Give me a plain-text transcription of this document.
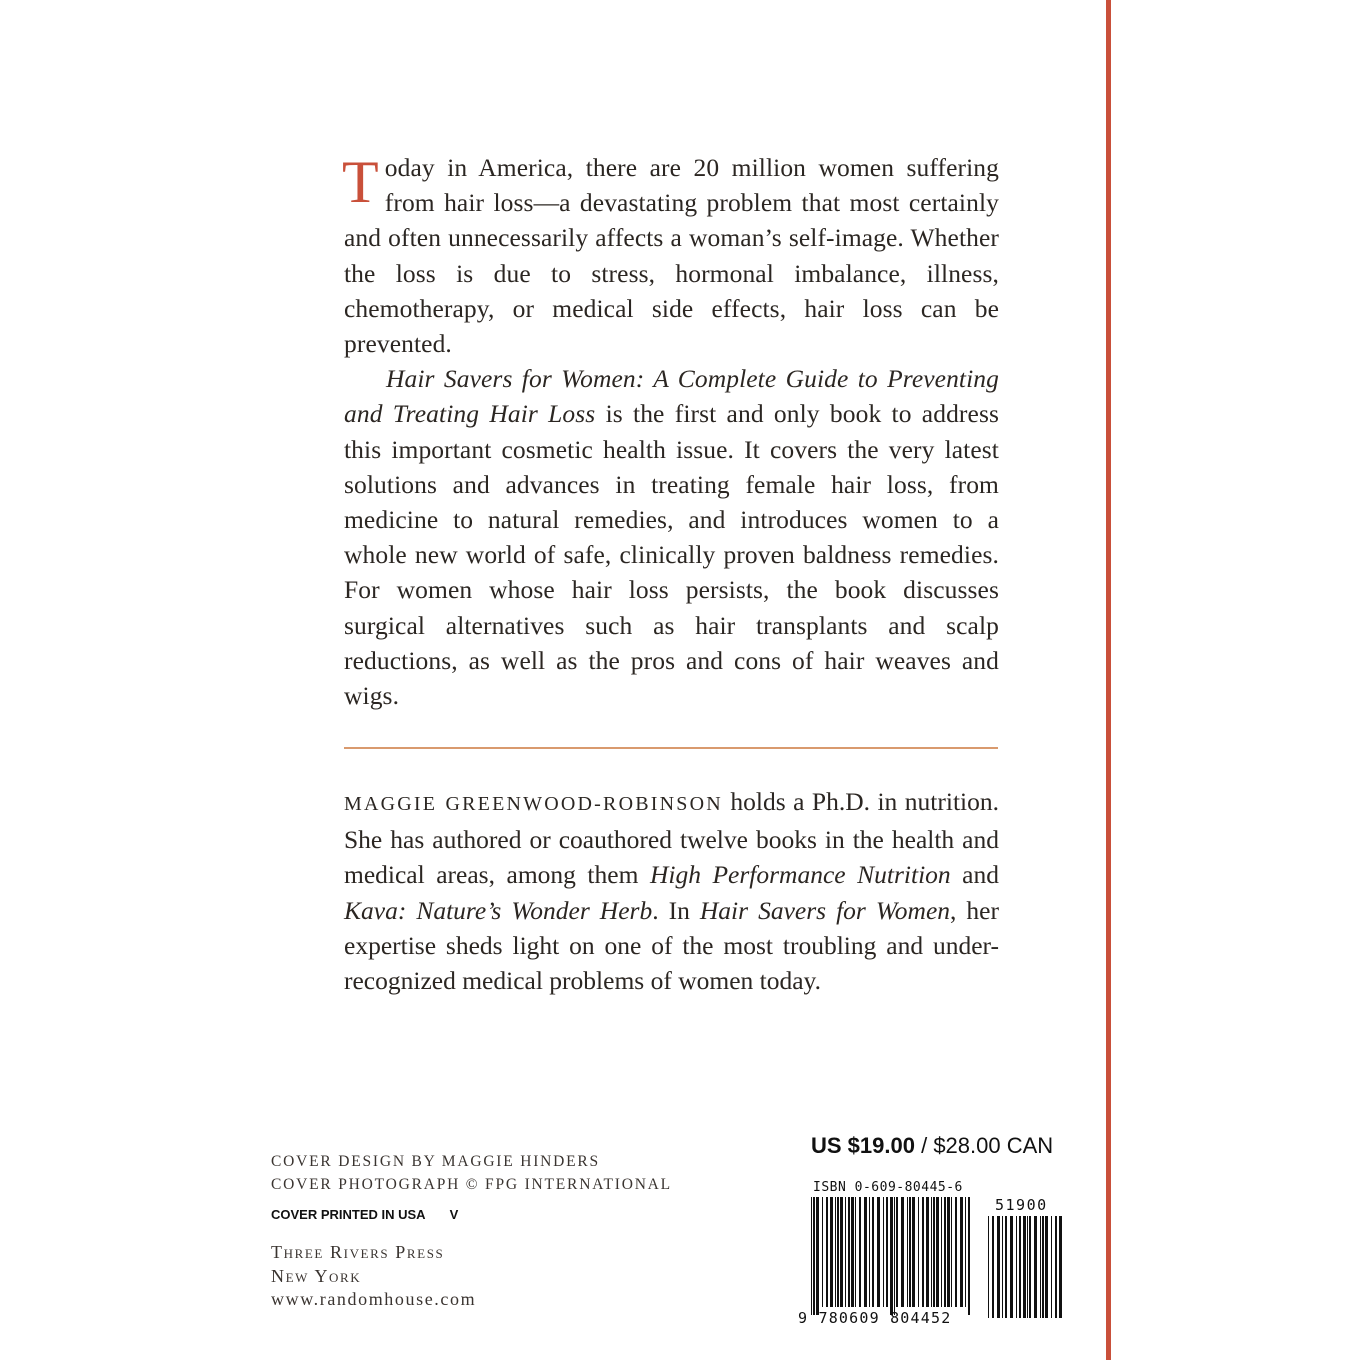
Today in America, there are 20 million women suffering from hair loss—a devastating problem that most certainly and often unnecessarily affects a woman’s self-image. Whether the loss is due to stress, hormonal imbalance, illness, chemotherapy, or medical side effects, hair loss can be prevented.

Hair Savers for Women: A Complete Guide to Preventing and Treating Hair Loss is the first and only book to address this important cosmetic health issue. It covers the very latest solutions and advances in treating female hair loss, from medicine to natural remedies, and introduces women to a whole new world of safe, clinically proven baldness remedies. For women whose hair loss persists, the book discusses surgical alternatives such as hair transplants and scalp reductions, as well as the pros and cons of hair weaves and wigs.

MAGGIE GREENWOOD-ROBINSON holds a Ph.D. in nutrition. She has authored or coauthored twelve books in the health and medical areas, among them High Performance Nutrition and Kava: Nature’s Wonder Herb. In Hair Savers for Women, her expertise sheds light on one of the most troubling and under-recognized medical problems of women today.

COVER DESIGN BY MAGGIE HINDERS
COVER PHOTOGRAPH © FPG INTERNATIONAL
COVER PRINTED IN USA V
Three Rivers Press
New York
www.randomhouse.com
US $19.00 / $28.00 CAN
ISBN 0-609-80445-6
9 780609 804452
51900
